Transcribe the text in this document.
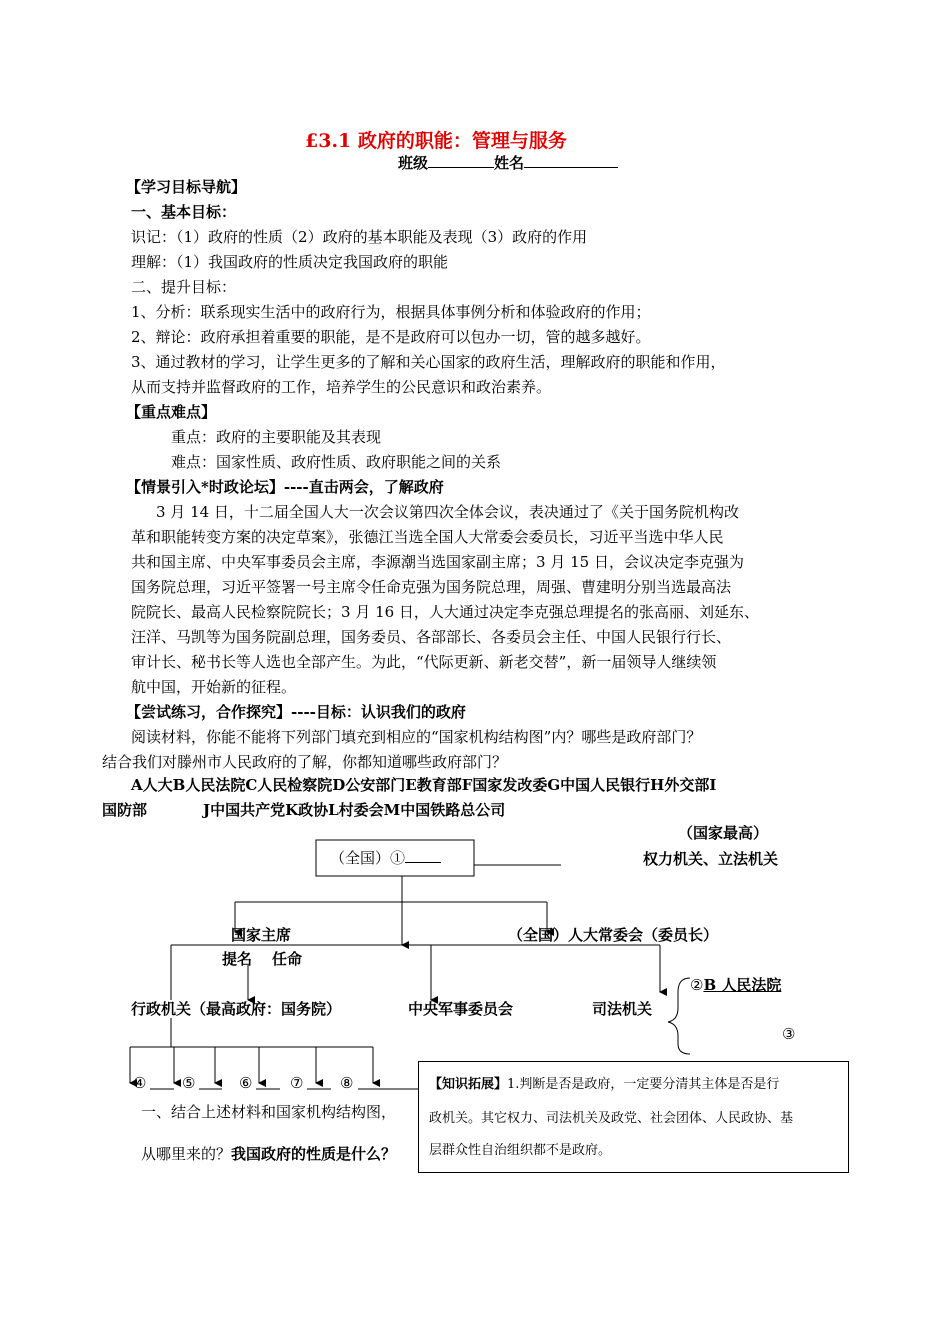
£3.1 政府的职能：管理与服务
班级	姓名
【学习目标导航】
一、基本目标：
识记：（1）政府的性质（2）政府的基本职能及表现（3）政府的作用
理解：（1）我国政府的性质决定我国政府的职能
二、提升目标：
1、分析：联系现实生活中的政府行为，根据具体事例分析和体验政府的作用；
2、辩论：政府承担着重要的职能，是不是政府可以包办一切，管的越多越好。
3、通过教材的学习，让学生更多的了解和关心国家的政府生活，理解政府的职能和作用，
从而支持并监督政府的工作，培养学生的公民意识和政治素养。
【重点难点】
重点：政府的主要职能及其表现
难点：国家性质、政府性质、政府职能之间的关系
【情景引入*时政论坛】----直击两会，了解政府
3 月 14 日，十二届全国人大一次会议第四次全体会议，表决通过了《关于国务院机构改
革和职能转变方案的决定草案》，张德江当选全国人大常委会委员长，习近平当选中华人民
共和国主席、中央军事委员会主席，李源潮当选国家副主席；3 月 15 日，会议决定李克强为
国务院总理，习近平签署一号主席令任命克强为国务院总理，周强、曹建明分别当选最高法
院院长、最高人民检察院院长；3 月 16 日，人大通过决定李克强总理提名的张高丽、刘延东、
汪洋、马凯等为国务院副总理，国务委员、各部部长、各委员会主任、中国人民银行行长、
审计长、秘书长等人选也全部产生。为此，“代际更新、新老交替”，新一届领导人继续领
航中国，开始新的征程。
【尝试练习，合作探究】----目标：认识我们的政府
阅读材料，你能不能将下列部门填充到相应的“国家机构结构图”内？哪些是政府部门？
结合我们对滕州市人民政府的了解，你都知道哪些政府部门？
A人大B人民法院C人民检察院D公安部门E教育部F国家发改委G中国人民银行H外交部I
国防部	J中国共产党K政协L村委会M中国铁路总公司
（国家最高）
权力机关、立法机关
（全国）①
国家主席
提名 任命
（全国）人大常委会（委员长）
行政机关（最高政府：国务院）	中央军事委员会	司法机关
②B 人民法院
③
④ ⑤	⑥	⑦ ⑧
一、结合上述材料和国家机构结构图，
从哪里来的？我国政府的性质是什么？
【知识拓展】1.判断是否是政府，一定要分清其主体是否是行
政机关。其它权力、司法机关及政党、社会团体、人民政协、基
层群众性自治组织都不是政府。
